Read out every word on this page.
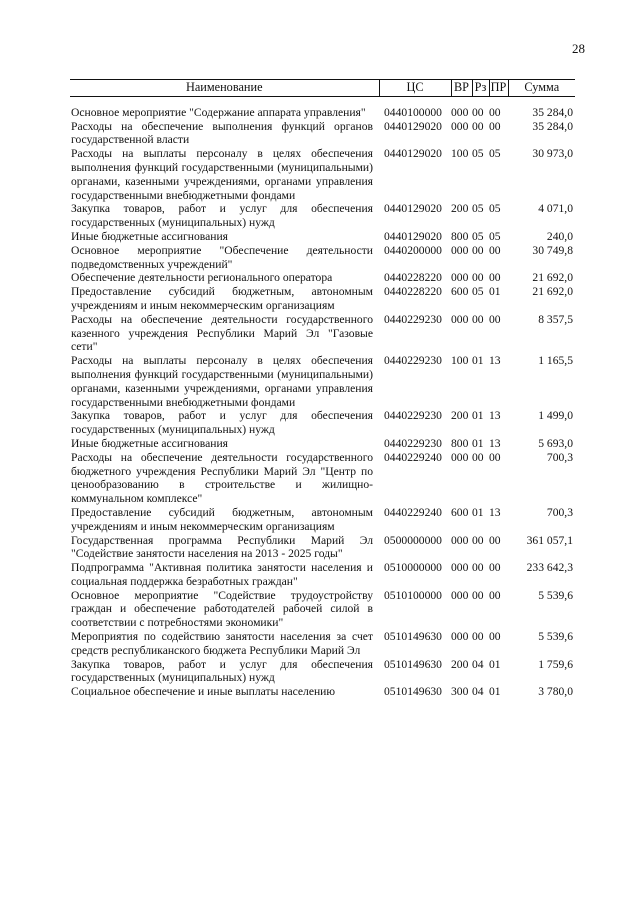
28
Наименование	ЦС	ВР	Рз	ПР	Сумма
Основное мероприятие "Содержание аппарата управления"	0440100000	000	00	00	35 284,0
Расходы на обеспечение выполнения функций органов государственной власти	0440129020	000	00	00	35 284,0
Расходы на выплаты персоналу в целях обеспечения выполнения функций государственными (муниципальными) органами, казенными учреждениями, органами управления государственными внебюджетными фондами	0440129020	100	05	05	30 973,0
Закупка товаров, работ и услуг для обеспечения государственных (муниципальных) нужд	0440129020	200	05	05	4 071,0
Иные бюджетные ассигнования	0440129020	800	05	05	240,0
Основное мероприятие "Обеспечение деятельности подведомственных учреждений"	0440200000	000	00	00	30 749,8
Обеспечение деятельности регионального оператора	0440228220	000	00	00	21 692,0
Предоставление субсидий бюджетным, автономным учреждениям и иным некоммерческим организациям	0440228220	600	05	01	21 692,0
Расходы на обеспечение деятельности государственного казенного учреждения Республики Марий Эл "Газовые сети"	0440229230	000	00	00	8 357,5
Расходы на выплаты персоналу в целях обеспечения выполнения функций государственными (муниципальными) органами, казенными учреждениями, органами управления государственными внебюджетными фондами	0440229230	100	01	13	1 165,5
Закупка товаров, работ и услуг для обеспечения государственных (муниципальных) нужд	0440229230	200	01	13	1 499,0
Иные бюджетные ассигнования	0440229230	800	01	13	5 693,0
Расходы на обеспечение деятельности государственного бюджетного учреждения Республики Марий Эл "Центр по ценообразованию в строительстве и жилищно-коммунальном комплексе"	0440229240	000	00	00	700,3
Предоставление субсидий бюджетным, автономным учреждениям и иным некоммерческим организациям	0440229240	600	01	13	700,3
Государственная программа Республики Марий Эл "Содействие занятости населения на 2013 - 2025 годы"	0500000000	000	00	00	361 057,1
Подпрограмма "Активная политика занятости населения и социальная поддержка безработных граждан"	0510000000	000	00	00	233 642,3
Основное мероприятие "Содействие трудоустройству граждан и обеспечение работодателей рабочей силой в соответствии с потребностями экономики"	0510100000	000	00	00	5 539,6
Мероприятия по содействию занятости населения за счет средств республиканского бюджета Республики Марий Эл	0510149630	000	00	00	5 539,6
Закупка товаров, работ и услуг для обеспечения государственных (муниципальных) нужд	0510149630	200	04	01	1 759,6
Социальное обеспечение и иные выплаты населению	0510149630	300	04	01	3 780,0
